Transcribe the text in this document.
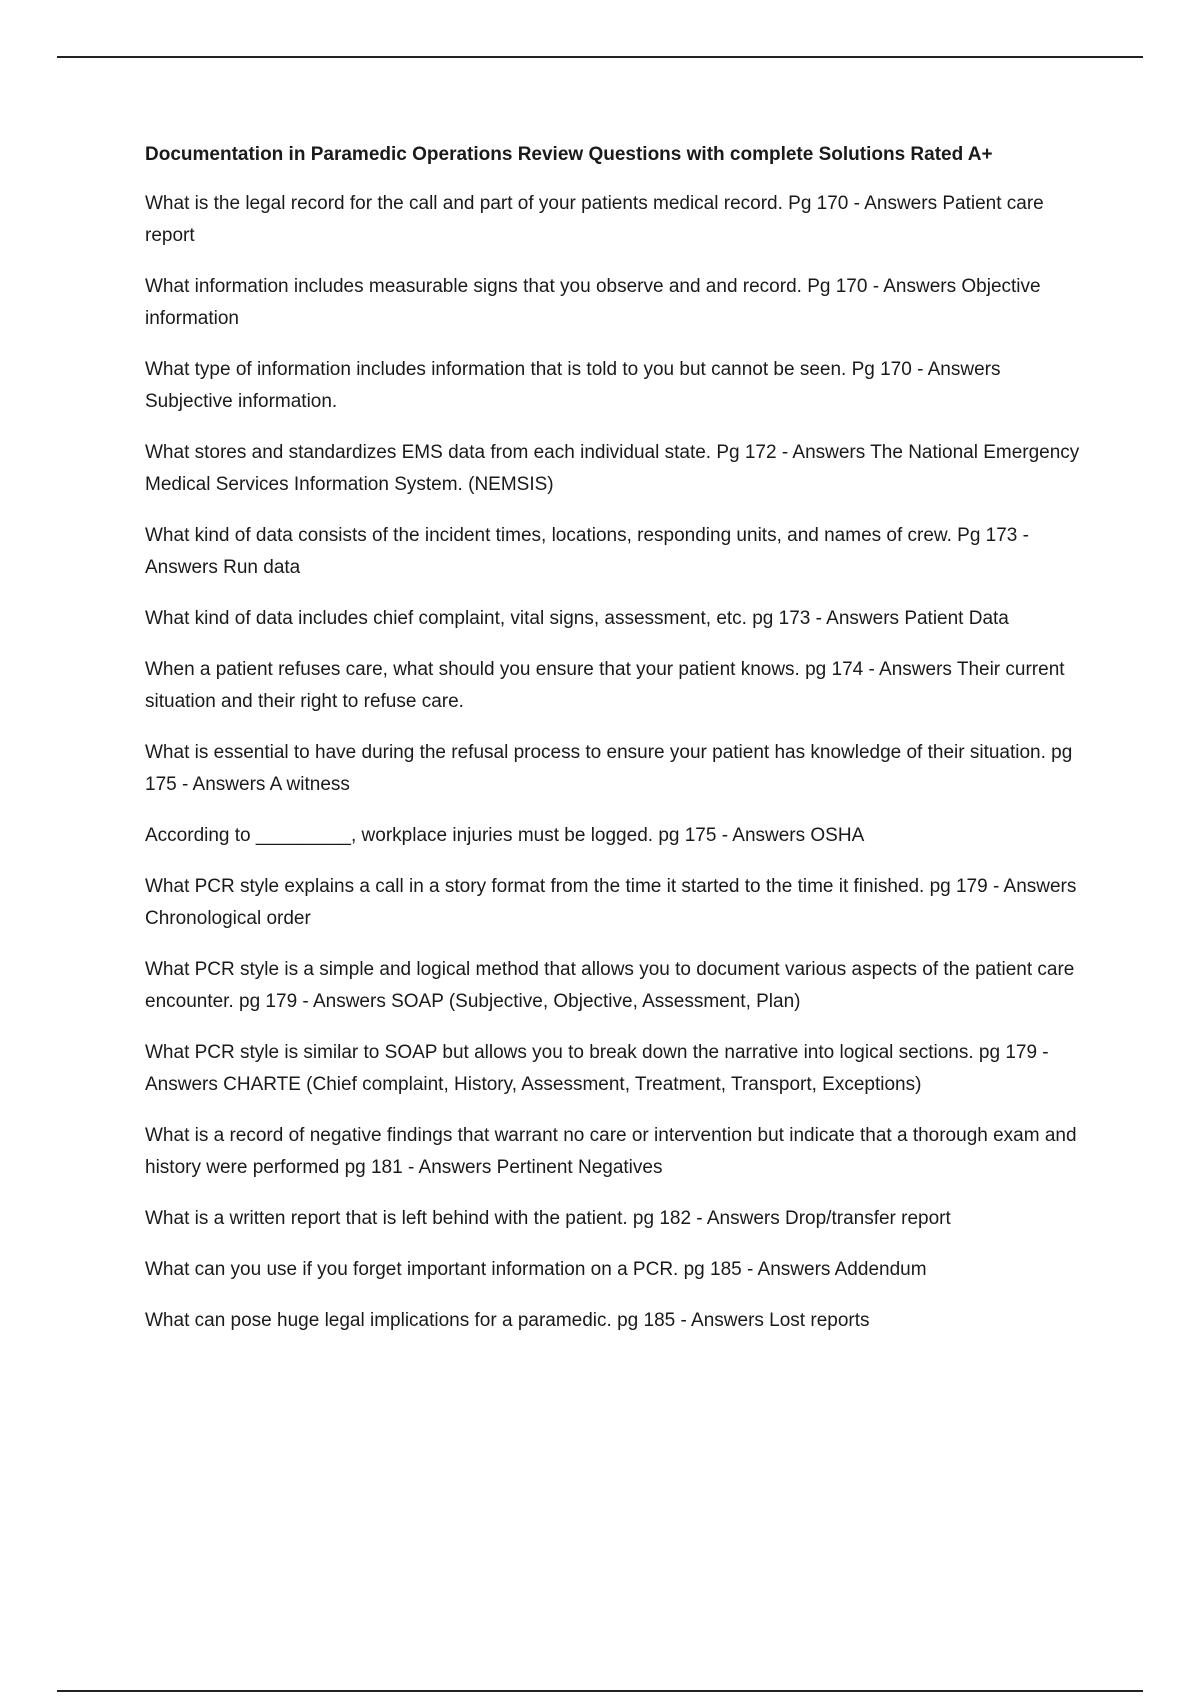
Documentation in Paramedic Operations Review Questions with complete Solutions Rated A+
What is the legal record for the call and part of your patients medical record. Pg 170 - Answers Patient care report
What information includes measurable signs that you observe and and record. Pg 170 - Answers Objective information
What type of information includes information that is told to you but cannot be seen. Pg 170 - Answers Subjective information.
What stores and standardizes EMS data from each individual state. Pg 172 - Answers The National Emergency Medical Services Information System. (NEMSIS)
What kind of data consists of the incident times, locations, responding units, and names of crew. Pg 173 - Answers Run data
What kind of data includes chief complaint, vital signs, assessment, etc. pg 173 - Answers Patient Data
When a patient refuses care, what should you ensure that your patient knows. pg 174 - Answers Their current situation and their right to refuse care.
What is essential to have during the refusal process to ensure your patient has knowledge of their situation. pg 175 - Answers A witness
According to _________, workplace injuries must be logged. pg 175 - Answers OSHA
What PCR style explains a call in a story format from the time it started to the time it finished. pg 179 - Answers Chronological order
What PCR style is a simple and logical method that allows you to document various aspects of the patient care encounter. pg 179 - Answers SOAP (Subjective, Objective, Assessment, Plan)
What PCR style is similar to SOAP but allows you to break down the narrative into logical sections. pg 179 - Answers CHARTE (Chief complaint, History, Assessment, Treatment, Transport, Exceptions)
What is a record of negative findings that warrant no care or intervention but indicate that a thorough exam and history were performed pg 181 - Answers Pertinent Negatives
What is a written report that is left behind with the patient. pg 182 - Answers Drop/transfer report
What can you use if you forget important information on a PCR. pg 185 - Answers Addendum
What can pose huge legal implications for a paramedic. pg 185 - Answers Lost reports
